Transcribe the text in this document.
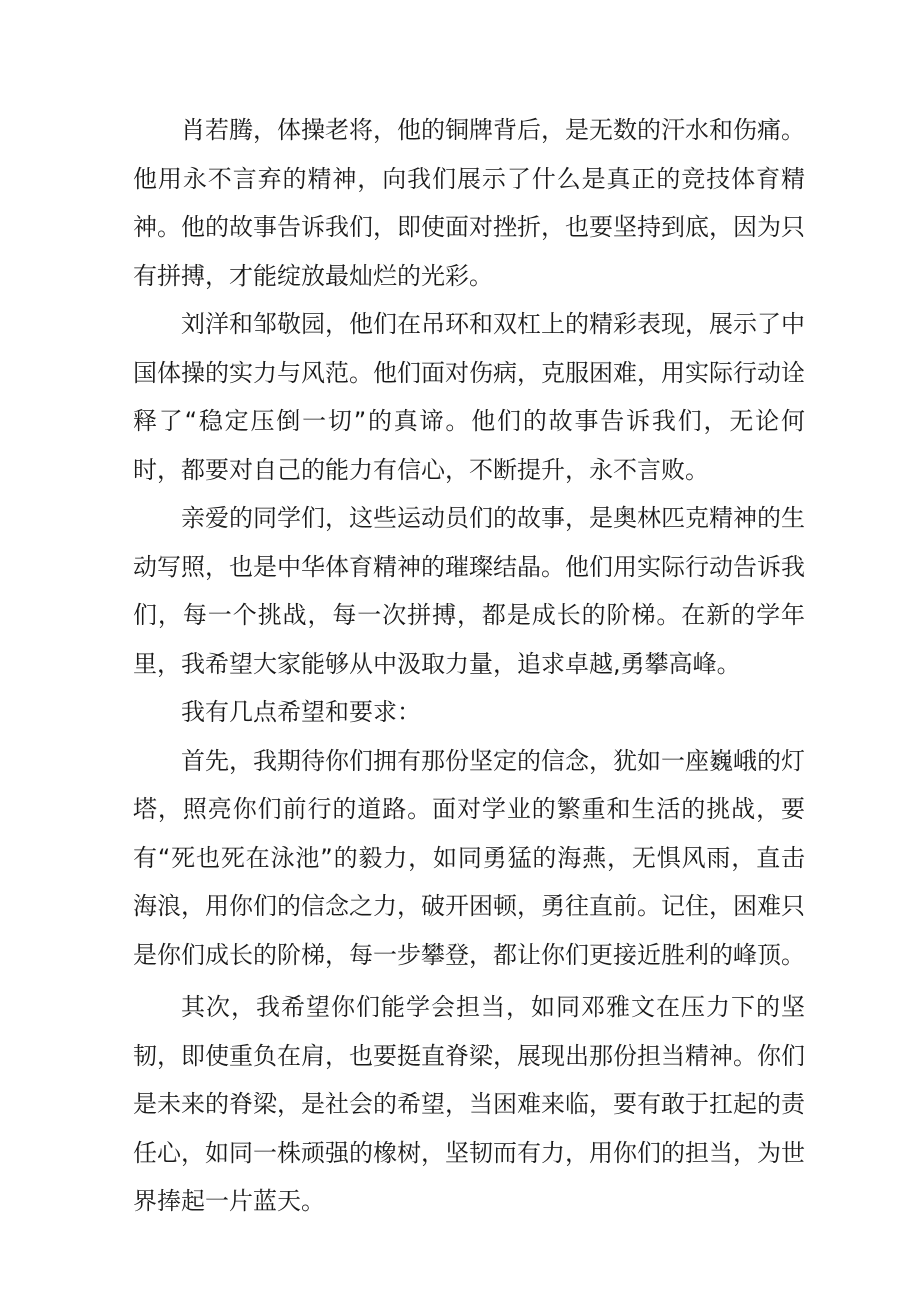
肖若腾，体操老将，他的铜牌背后，是无数的汗水和伤痛。他用永不言弃的精神，向我们展示了什么是真正的竞技体育精神。他的故事告诉我们，即使面对挫折，也要坚持到底，因为只有拼搏，才能绽放最灿烂的光彩。

刘洋和邹敬园，他们在吊环和双杠上的精彩表现，展示了中国体操的实力与风范。他们面对伤病，克服困难，用实际行动诠释了“稳定压倒一切”的真谛。他们的故事告诉我们，无论何时，都要对自己的能力有信心，不断提升，永不言败。

亲爱的同学们，这些运动员们的故事，是奥林匹克精神的生动写照，也是中华体育精神的璀璨结晶。他们用实际行动告诉我们，每一个挑战，每一次拼搏，都是成长的阶梯。在新的学年里，我希望大家能够从中汲取力量，追求卓越,勇攀高峰。

我有几点希望和要求：

首先，我期待你们拥有那份坚定的信念，犹如一座巍峨的灯塔，照亮你们前行的道路。面对学业的繁重和生活的挑战，要有“死也死在泳池”的毅力，如同勇猛的海燕，无惧风雨，直击海浪，用你们的信念之力，破开困顿，勇往直前。记住，困难只是你们成长的阶梯，每一步攀登，都让你们更接近胜利的峰顶。

其次，我希望你们能学会担当，如同邓雅文在压力下的坚韧，即使重负在肩，也要挺直脊梁，展现出那份担当精神。你们是未来的脊梁，是社会的希望，当困难来临，要有敢于扛起的责任心，如同一株顽强的橡树，坚韧而有力，用你们的担当，为世界捧起一片蓝天。
